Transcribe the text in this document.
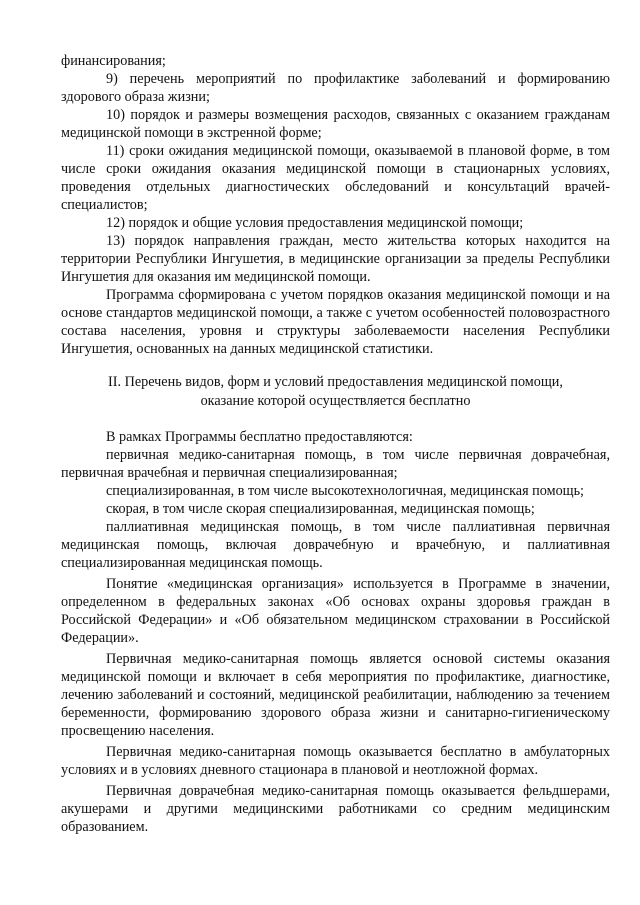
финансирования;

9) перечень мероприятий по профилактике заболеваний и формированию здорового образа жизни;

10) порядок и размеры возмещения расходов, связанных с оказанием гражданам медицинской помощи в экстренной форме;

11) сроки ожидания медицинской помощи, оказываемой в плановой форме, в том числе сроки ожидания оказания медицинской помощи в стационарных условиях, проведения отдельных диагностических обследований и консультаций врачей-специалистов;

12) порядок и общие условия предоставления медицинской помощи;

13) порядок направления граждан, место жительства которых находится на территории Республики Ингушетия, в медицинские организации за пределы Республики Ингушетия для оказания им медицинской помощи.

Программа сформирована с учетом порядков оказания медицинской помощи и на основе стандартов медицинской помощи, а также с учетом особенностей половозрастного состава населения, уровня и структуры заболеваемости населения Республики Ингушетия, основанных на данных медицинской статистики.

II. Перечень видов, форм и условий предоставления медицинской помощи,
оказание которой осуществляется бесплатно

В рамках Программы бесплатно предоставляются:

первичная медико-санитарная помощь, в том числе первичная доврачебная, первичная врачебная и первичная специализированная;

специализированная, в том числе высокотехнологичная, медицинская помощь;

скорая, в том числе скорая специализированная, медицинская помощь;

паллиативная медицинская помощь, в том числе паллиативная первичная медицинская помощь, включая доврачебную и врачебную, и паллиативная специализированная медицинская помощь.

Понятие «медицинская организация» используется в Программе в значении, определенном в федеральных законах «Об основах охраны здоровья граждан в Российской Федерации» и «Об обязательном медицинском страховании в Российской Федерации».

Первичная медико-санитарная помощь является основой системы оказания медицинской помощи и включает в себя мероприятия по профилактике, диагностике, лечению заболеваний и состояний, медицинской реабилитации, наблюдению за течением беременности, формированию здорового образа жизни и санитарно-гигиеническому просвещению населения.

Первичная медико-санитарная помощь оказывается бесплатно в амбулаторных условиях и в условиях дневного стационара в плановой и неотложной формах.

Первичная доврачебная медико-санитарная помощь оказывается фельдшерами, акушерами и другими медицинскими работниками со средним медицинским образованием.
